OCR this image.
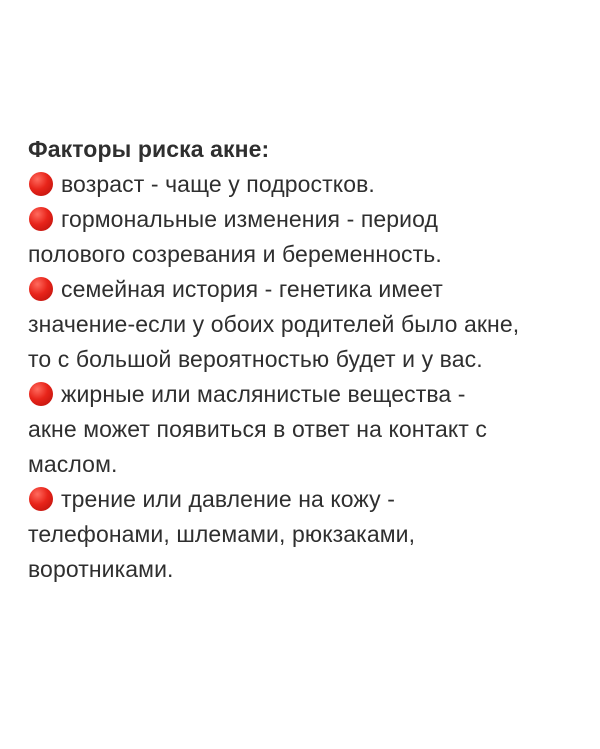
Факторы риска акне:

возраст - чаще у подростков.
гормональные изменения - период
полового созревания и беременность.
семейная история - генетика имеет
значение-если у обоих родителей было акне,
то с большой вероятностью будет и у вас.
жирные или маслянистые вещества -
акне может появиться в ответ на контакт с
маслом.
трение или давление на кожу -
телефонами, шлемами, рюкзаками,
воротниками.
